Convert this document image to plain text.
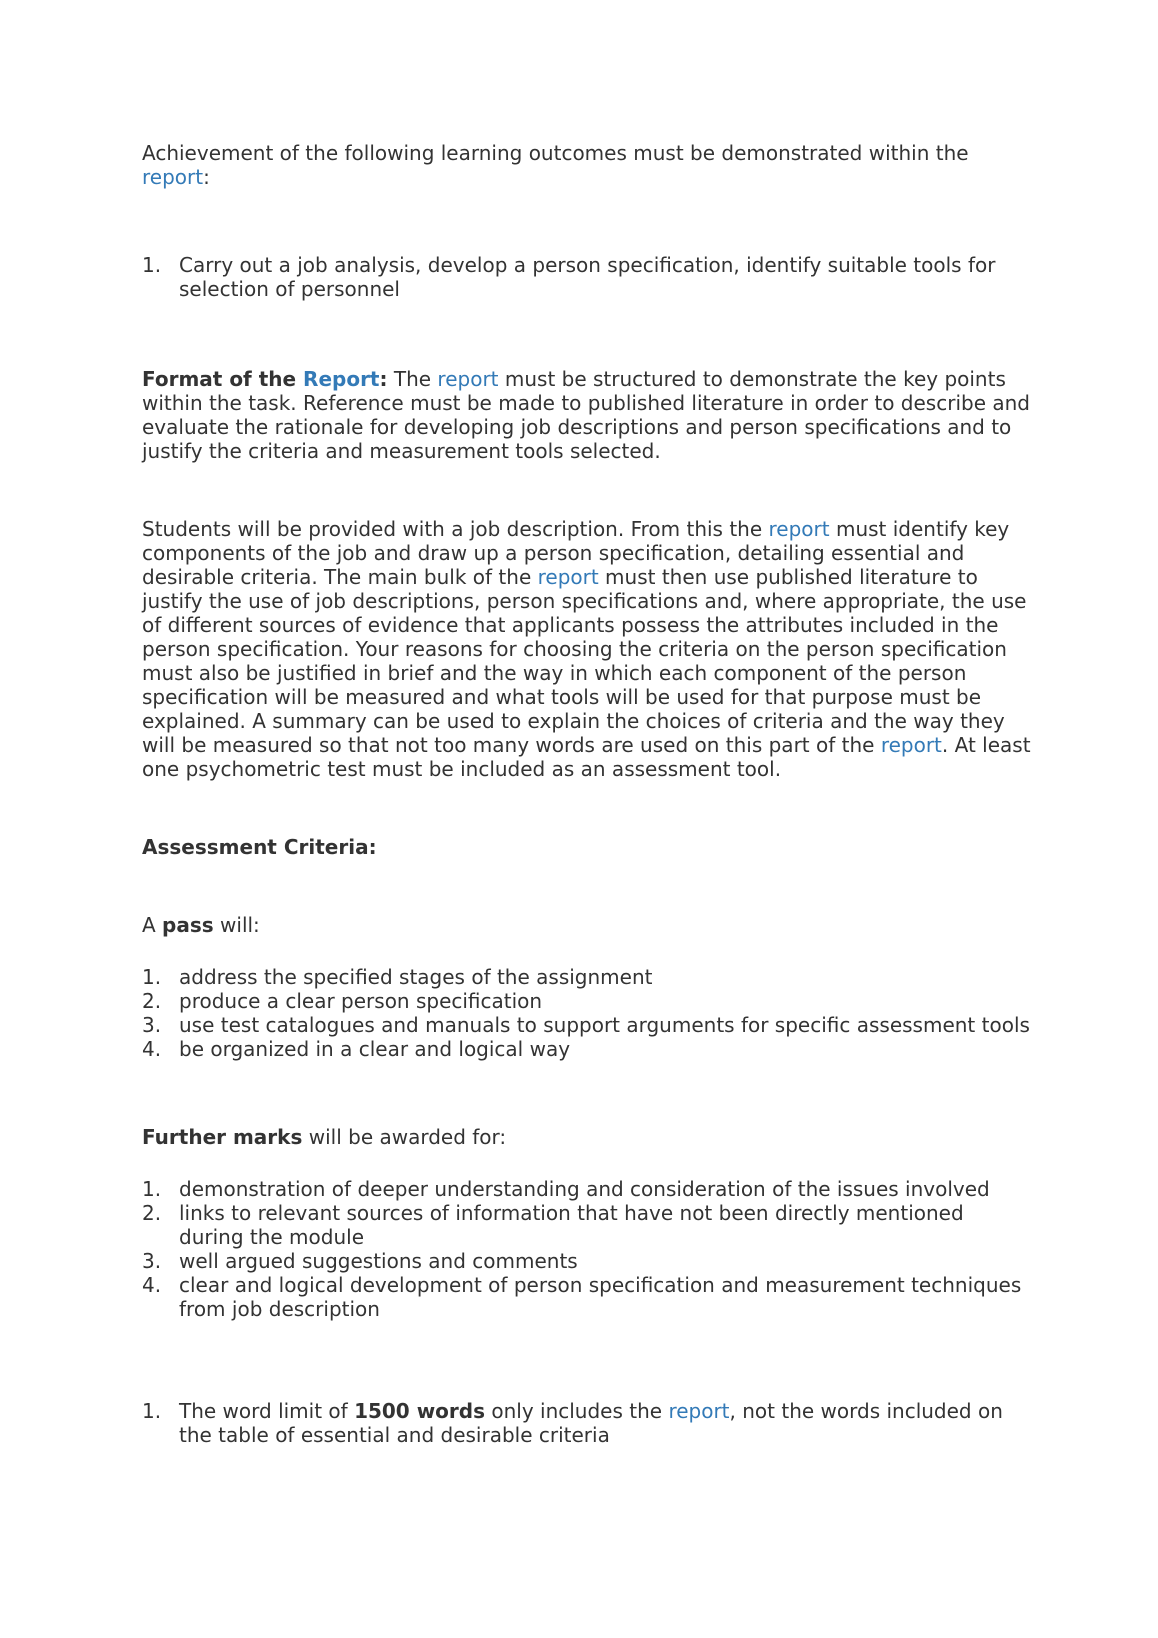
Achievement of the following learning outcomes must be demonstrated within the report:

1. Carry out a job analysis, develop a person specification, identify suitable tools for selection of personnel

Format of the Report: The report must be structured to demonstrate the key points within the task. Reference must be made to published literature in order to describe and evaluate the rationale for developing job descriptions and person specifications and to justify the criteria and measurement tools selected.

Students will be provided with a job description. From this the report must identify key components of the job and draw up a person specification, detailing essential and desirable criteria. The main bulk of the report must then use published literature to justify the use of job descriptions, person specifications and, where appropriate, the use of different sources of evidence that applicants possess the attributes included in the person specification. Your reasons for choosing the criteria on the person specification must also be justified in brief and the way in which each component of the person specification will be measured and what tools will be used for that purpose must be explained. A summary can be used to explain the choices of criteria and the way they will be measured so that not too many words are used on this part of the report. At least one psychometric test must be included as an assessment tool.

Assessment Criteria:

A pass will:

1. address the specified stages of the assignment
2. produce a clear person specification
3. use test catalogues and manuals to support arguments for specific assessment tools
4. be organized in a clear and logical way

Further marks will be awarded for:

1. demonstration of deeper understanding and consideration of the issues involved
2. links to relevant sources of information that have not been directly mentioned during the module
3. well argued suggestions and comments
4. clear and logical development of person specification and measurement techniques from job description
1. The word limit of 1500 words only includes the report, not the words included on the table of essential and desirable criteria
